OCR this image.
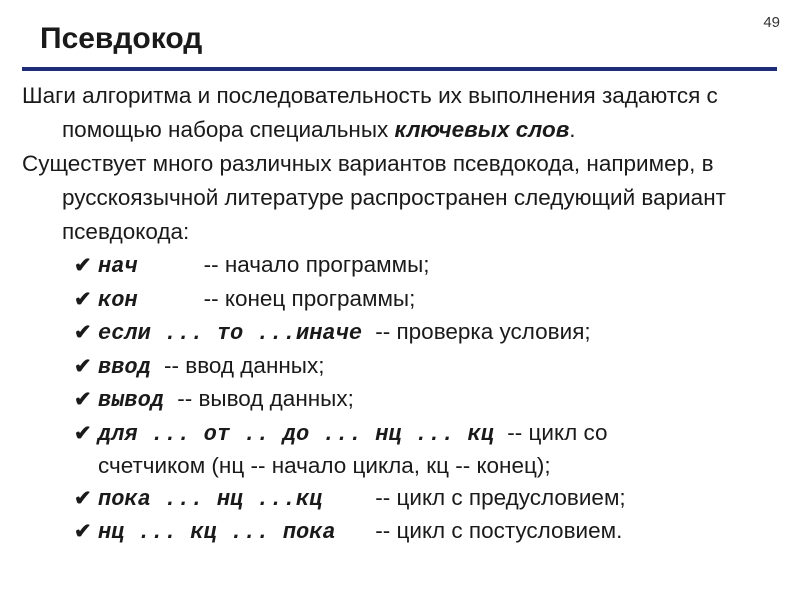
49
Псевдокод

Шаги алгоритма и последовательность их выполнения задаются с помощью набора специальных ключевых слов.

Существует много различных вариантов псевдокода, например, в русскоязычной литературе распространен следующий вариант псевдокода:

✔ нач     -- начало программы;
✔ кон     -- конец программы;
✔ если ... то ...иначе -- проверка условия;
✔ ввод -- ввод данных;
✔ вывод -- вывод данных;
✔ для ... от .. до ... нц ... кц -- цикл со
счетчиком (нц -- начало цикла, кц -- конец);
✔ пока ... нц ...кц    -- цикл с предусловием;
✔ нц ... кц ... пока   -- цикл с постусловием.
